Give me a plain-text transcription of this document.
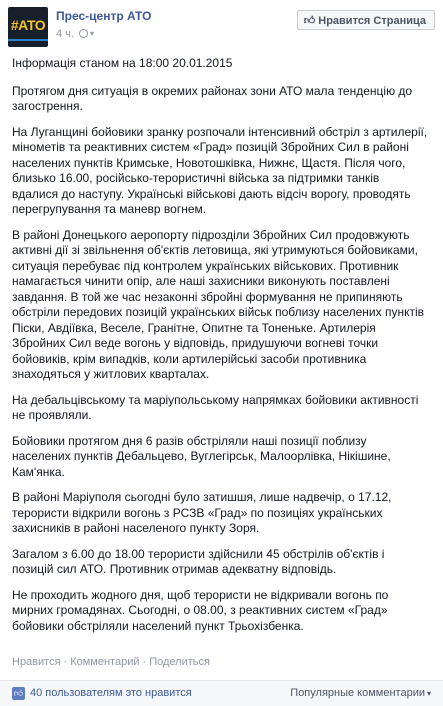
#АТО
Прес-центр АТО
4 ч. ▾
👍︎ Нравится Страница

Інформація станом на 18:00 20.01.2015

Протягом дня ситуація в окремих районах зони АТО мала тенденцію до загострення.

На Луганщині бойовики зранку розпочали інтенсивний обстріл з артилерії, мінометів та реактивних систем «Град» позицій Збройних Сил в районі населених пунктів Кримське, Новотошківка, Нижнє, Щастя. Після чого, близько 16.00, російсько-терористичні війська за підтримки танків вдалися до наступу. Українські військові дають відсіч ворогу, проводять перегрупування та маневр вогнем.

В районі Донецького аеропорту підрозділи Збройних Сил продовжують активні дії зі звільнення об'єктів летовища, які утримуються бойовиками, ситуація перебуває під контролем українських військових. Противник намагається чинити опір, але наші захисники виконують поставлені завдання. В той же час незаконні збройні формування не припиняють обстріли передових позицій українських військ поблизу населених пунктів Піски, Авдіївка, Веселе, Гранітне, Опитне та Тоненьке. Артилерія Збройних Сил веде вогонь у відповідь, придушуючи вогневі точки бойовиків, крім випадків, коли артилерійські засоби противника знаходяться у житлових кварталах.

На дебальцівському та маріупольському напрямках бойовики активності не проявляли.

Бойовики протягом дня 6 разів обстріляли наші позиції поблизу населених пунктів Дебальцево, Вуглегірськ, Малоорлівка, Нікішине, Кам'янка.

В районі Маріуполя сьогодні було затишшя, лише надвечір, о 17.12, терористи відкрили вогонь з РСЗВ «Град» по позиціях українських захисників в районі населеного пункту Зоря.

Загалом з 6.00 до 18.00 терористи здійснили 45 обстрілів об'єктів і позицій сил АТО. Противник отримав адекватну відповідь.

Не проходить жодного дня, щоб терористи не відкривали вогонь по мирних громадянах. Сьогодні, о 08.00, з реактивних систем «Град» бойовики обстріляли населений пункт Трьохізбенка.

Нравится · Комментарий · Поделиться
👍︎ 40 пользователям это нравится	Популярные комментарии ▾
